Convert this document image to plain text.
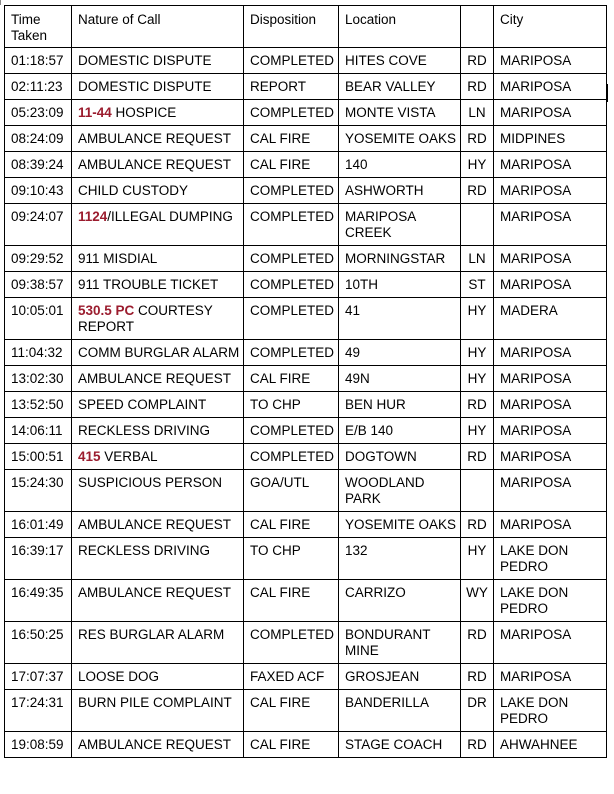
Time Taken	Nature of Call	Disposition	Location		City
01:18:57	DOMESTIC DISPUTE	COMPLETED	HITES COVE	RD	MARIPOSA
02:11:23	DOMESTIC DISPUTE	REPORT	BEAR VALLEY	RD	MARIPOSA
05:23:09	11-44 HOSPICE	COMPLETED	MONTE VISTA	LN	MARIPOSA
08:24:09	AMBULANCE REQUEST	CAL FIRE	YOSEMITE OAKS	RD	MIDPINES
08:39:24	AMBULANCE REQUEST	CAL FIRE	140	HY	MARIPOSA
09:10:43	CHILD CUSTODY	COMPLETED	ASHWORTH	RD	MARIPOSA
09:24:07	1124/ILLEGAL DUMPING	COMPLETED	MARIPOSA CREEK		MARIPOSA
09:29:52	911 MISDIAL	COMPLETED	MORNINGSTAR	LN	MARIPOSA
09:38:57	911 TROUBLE TICKET	COMPLETED	10TH	ST	MARIPOSA
10:05:01	530.5 PC COURTESY REPORT	COMPLETED	41	HY	MADERA
11:04:32	COMM BURGLAR ALARM	COMPLETED	49	HY	MARIPOSA
13:02:30	AMBULANCE REQUEST	CAL FIRE	49N	HY	MARIPOSA
13:52:50	SPEED COMPLAINT	TO CHP	BEN HUR	RD	MARIPOSA
14:06:11	RECKLESS DRIVING	COMPLETED	E/B 140	HY	MARIPOSA
15:00:51	415 VERBAL	COMPLETED	DOGTOWN	RD	MARIPOSA
15:24:30	SUSPICIOUS PERSON	GOA/UTL	WOODLAND PARK		MARIPOSA
16:01:49	AMBULANCE REQUEST	CAL FIRE	YOSEMITE OAKS	RD	MARIPOSA
16:39:17	RECKLESS DRIVING	TO CHP	132	HY	LAKE DON PEDRO
16:49:35	AMBULANCE REQUEST	CAL FIRE	CARRIZO	WY	LAKE DON PEDRO
16:50:25	RES BURGLAR ALARM	COMPLETED	BONDURANT MINE	RD	MARIPOSA
17:07:37	LOOSE DOG	FAXED ACF	GROSJEAN	RD	MARIPOSA
17:24:31	BURN PILE COMPLAINT	CAL FIRE	BANDERILLA	DR	LAKE DON PEDRO
19:08:59	AMBULANCE REQUEST	CAL FIRE	STAGE COACH	RD	AHWAHNEE
